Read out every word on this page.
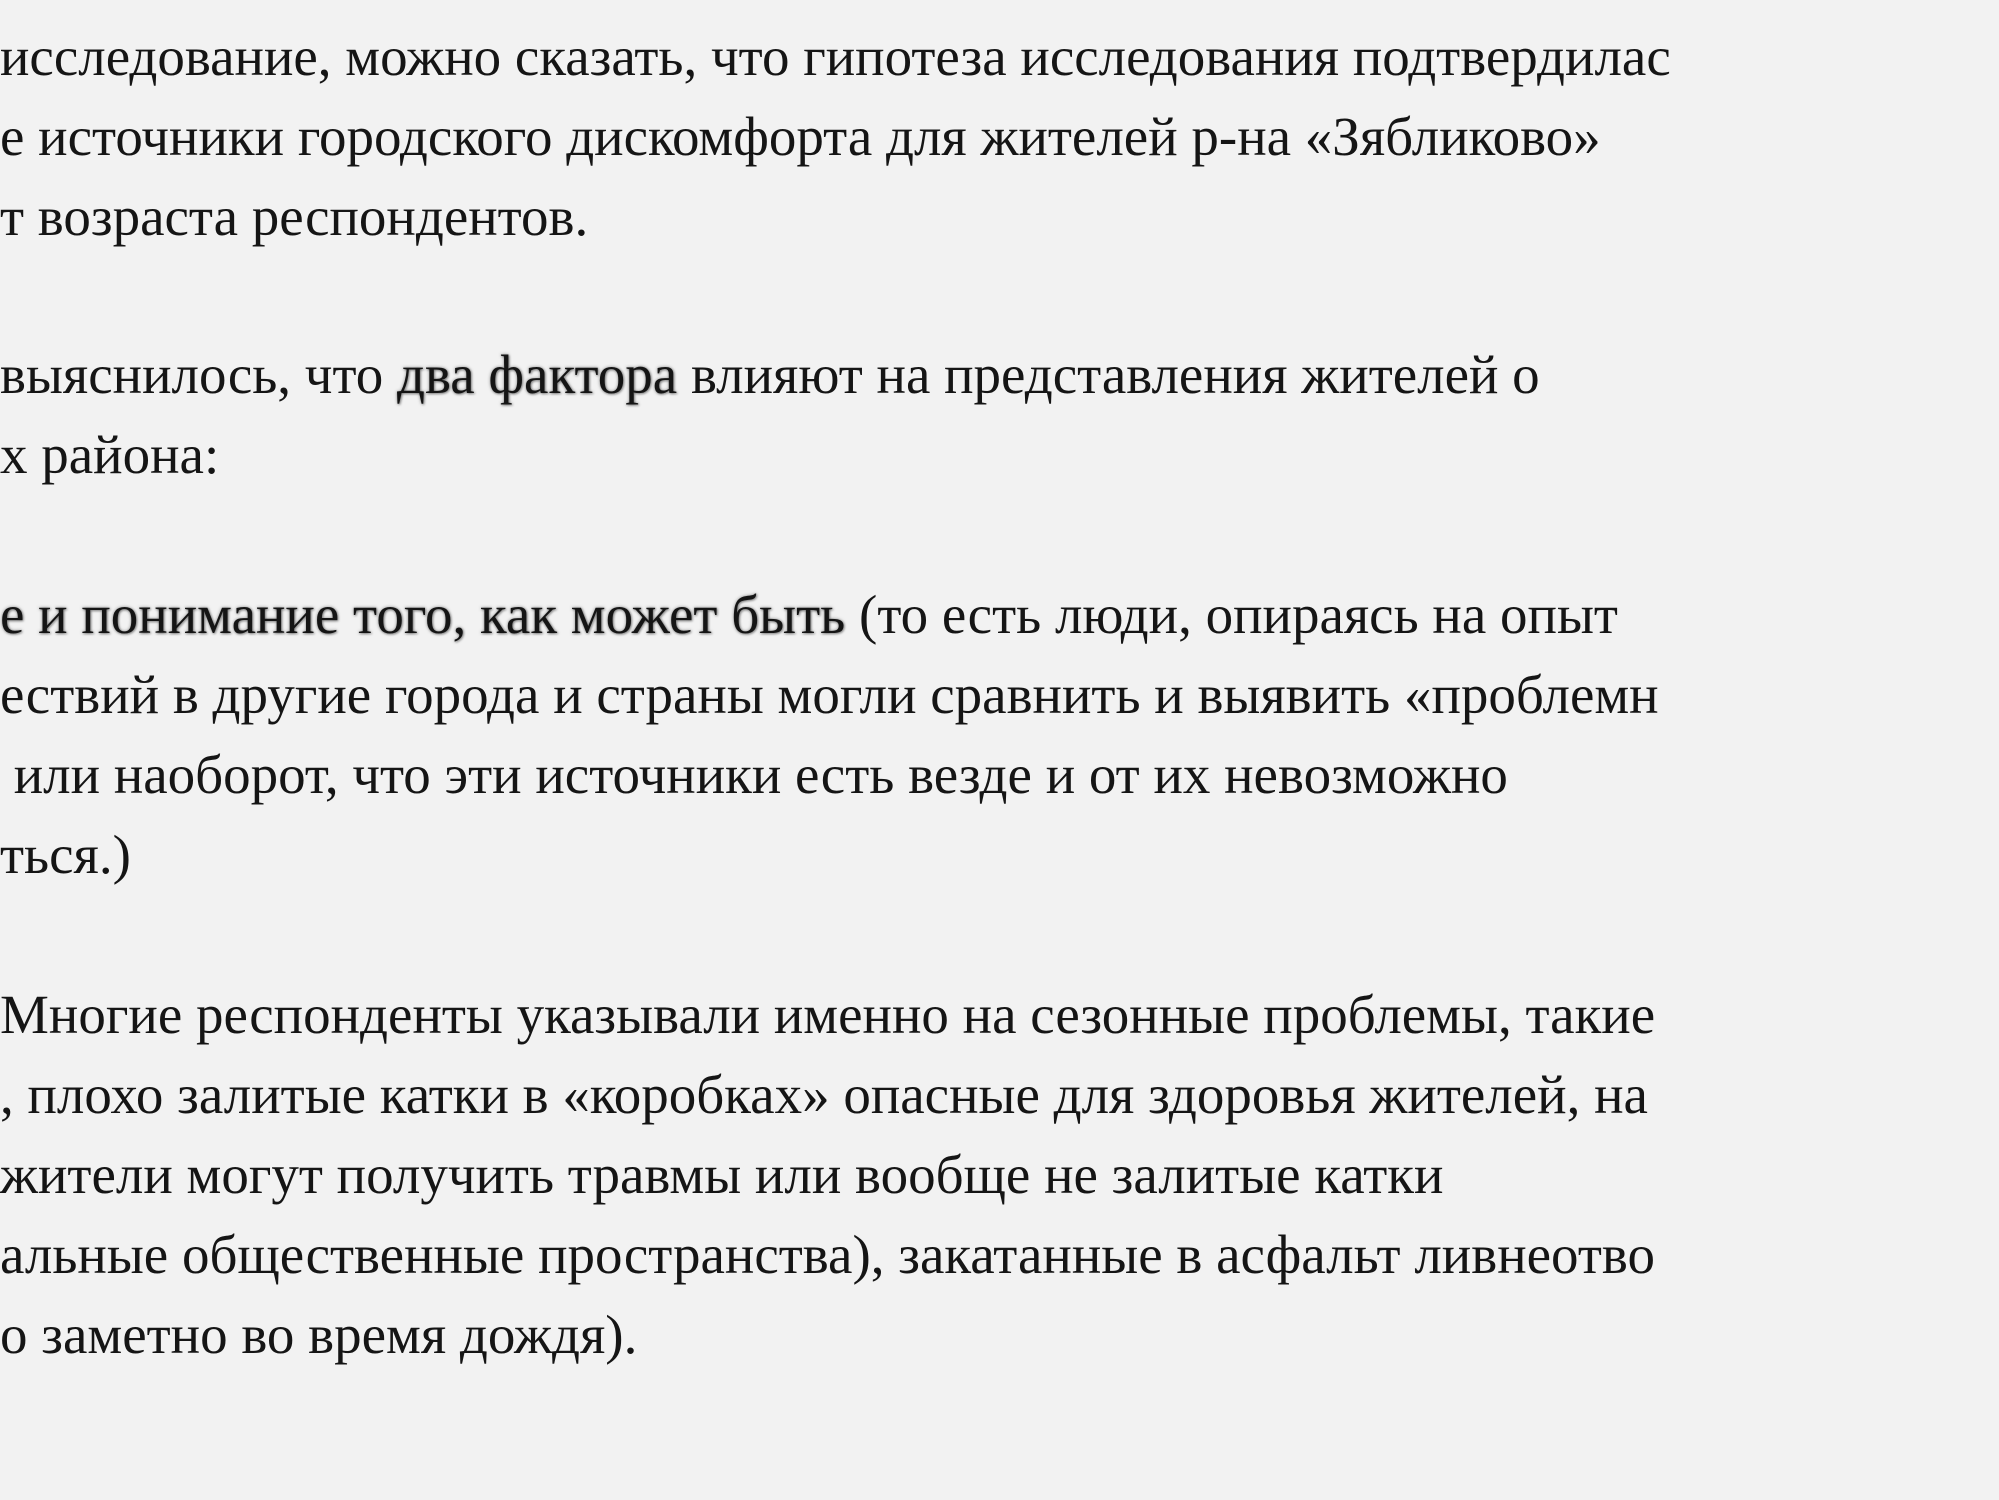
исследование, можно сказать, что гипотеза исследования подтвердилас
е источники городского дискомфорта для жителей р-на «Зябликово»
т возраста респондентов.
выяснилось, что два фактора влияют на представления жителей о
х района:
е и понимание того, как может быть (то есть люди, опираясь на опыт
ествий в другие города и страны могли сравнить и выявить «проблемн
или наоборот, что эти источники есть везде и от их невозможно
ться.)
Многие респонденты указывали именно на сезонные проблемы, такие
, плохо залитые катки в «коробках» опасные для здоровья жителей, на
жители могут получить травмы или вообще не залитые катки
альные общественные пространства), закатанные в асфальт ливнеотво
о заметно во время дождя).
